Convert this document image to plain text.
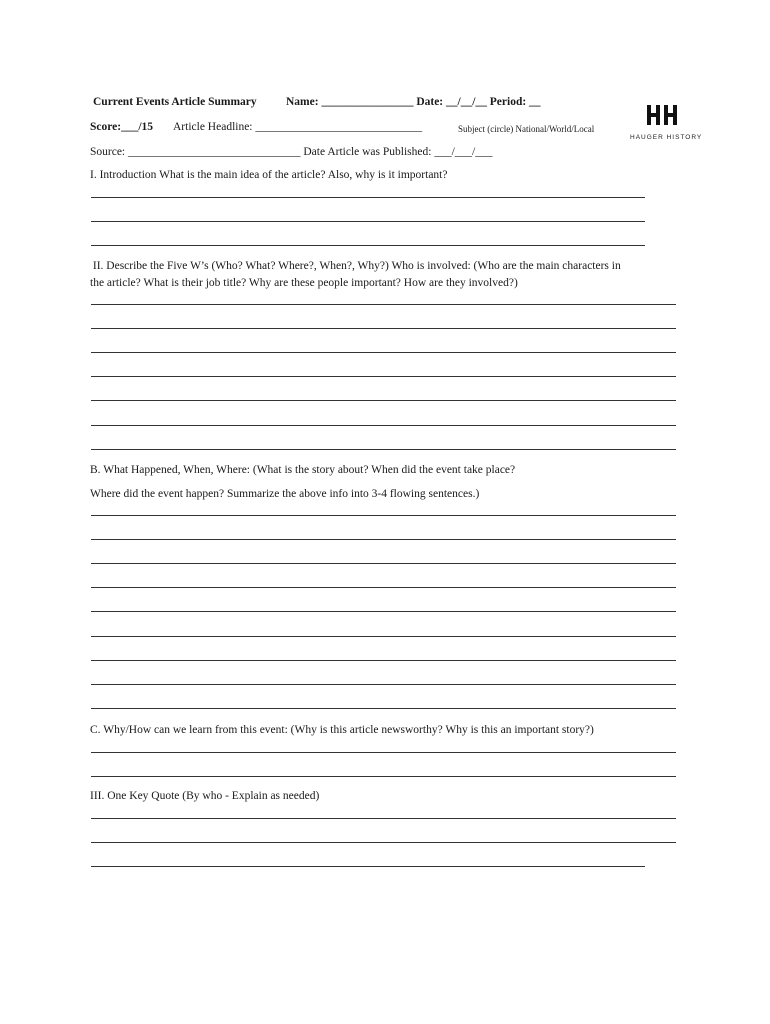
Current Events Article Summary	Name: ________________ Date: __/__/__ Period: __
Score:___/15 Article Headline: _____________________________	Subject (circle) National/World/Local
Source: ______________________________ Date Article was Published: ___/___/___
HAUGER HISTORY
I. Introduction What is the main idea of the article? Also, why is it important?
II. Describe the Five W’s (Who? What? Where?, When?, Why?) Who is involved: (Who are the main characters in
the article? What is their job title? Why are these people important? How are they involved?)
B. What Happened, When, Where: (What is the story about? When did the event take place?
Where did the event happen? Summarize the above info into 3-4 flowing sentences.)
C. Why/How can we learn from this event: (Why is this article newsworthy? Why is this an important story?)
III. One Key Quote (By who - Explain as needed)
